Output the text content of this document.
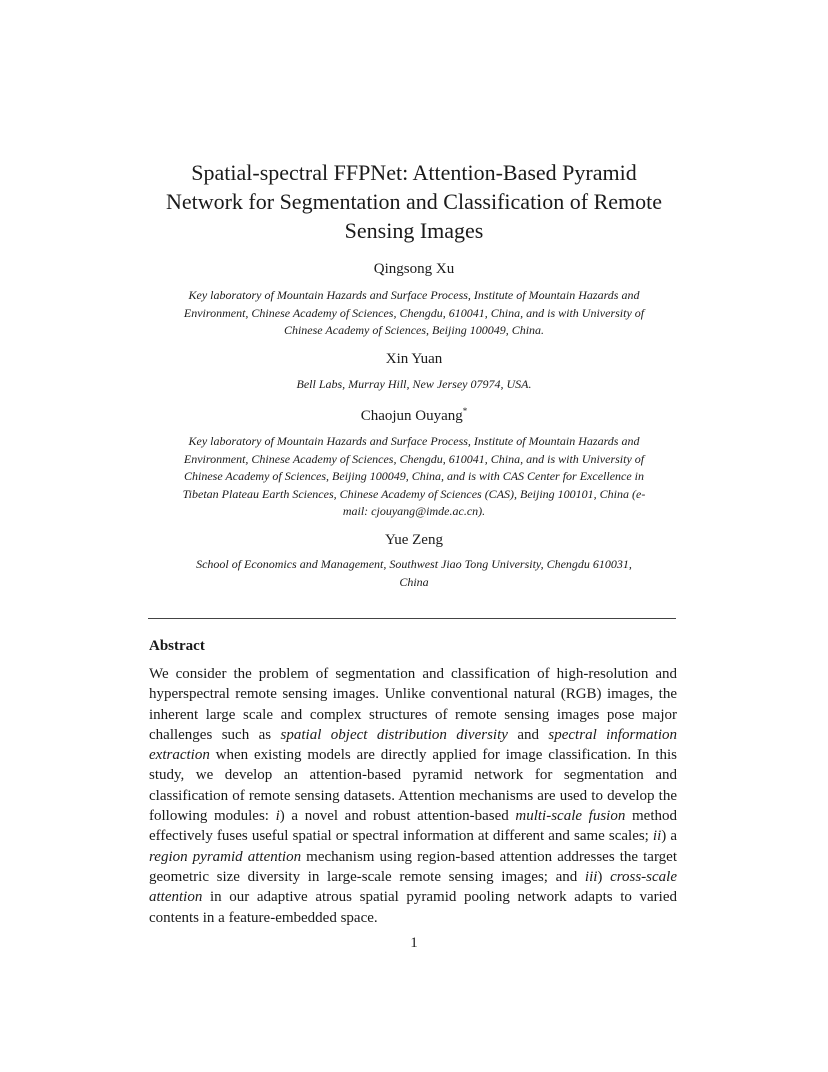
Spatial-spectral FFPNet: Attention-Based Pyramid
Network for Segmentation and Classification of Remote
Sensing Images
Qingsong Xu
Key laboratory of Mountain Hazards and Surface Process, Institute of Mountain Hazards and
Environment, Chinese Academy of Sciences, Chengdu, 610041, China, and is with University of
Chinese Academy of Sciences, Beijing 100049, China.
Xin Yuan
Bell Labs, Murray Hill, New Jersey 07974, USA.
Chaojun Ouyang*
Key laboratory of Mountain Hazards and Surface Process, Institute of Mountain Hazards and
Environment, Chinese Academy of Sciences, Chengdu, 610041, China, and is with University of
Chinese Academy of Sciences, Beijing 100049, China, and is with CAS Center for Excellence in
Tibetan Plateau Earth Sciences, Chinese Academy of Sciences (CAS), Beijing 100101, China (e-
mail: cjouyang@imde.ac.cn).
Yue Zeng
School of Economics and Management, Southwest Jiao Tong University, Chengdu 610031,
China
Abstract

We consider the problem of segmentation and classification of high-resolution and hyperspectral remote sensing images. Unlike conventional natural (RGB) images, the inherent large scale and complex structures of remote sensing images pose major challenges such as spatial object distribution diversity and spectral information extraction when existing models are directly applied for image classification. In this study, we develop an attention-based pyramid network for segmentation and classification of remote sensing datasets. Attention mechanisms are used to develop the following modules: i) a novel and robust attention-based multi-scale fusion method effectively fuses useful spatial or spectral information at different and same scales; ii) a region pyramid attention mechanism using region-based attention addresses the target geometric size diversity in large-scale remote sensing images; and iii) cross-scale attention in our adaptive atrous spatial pyramid pooling network adapts to varied contents in a feature-embedded space.

1
